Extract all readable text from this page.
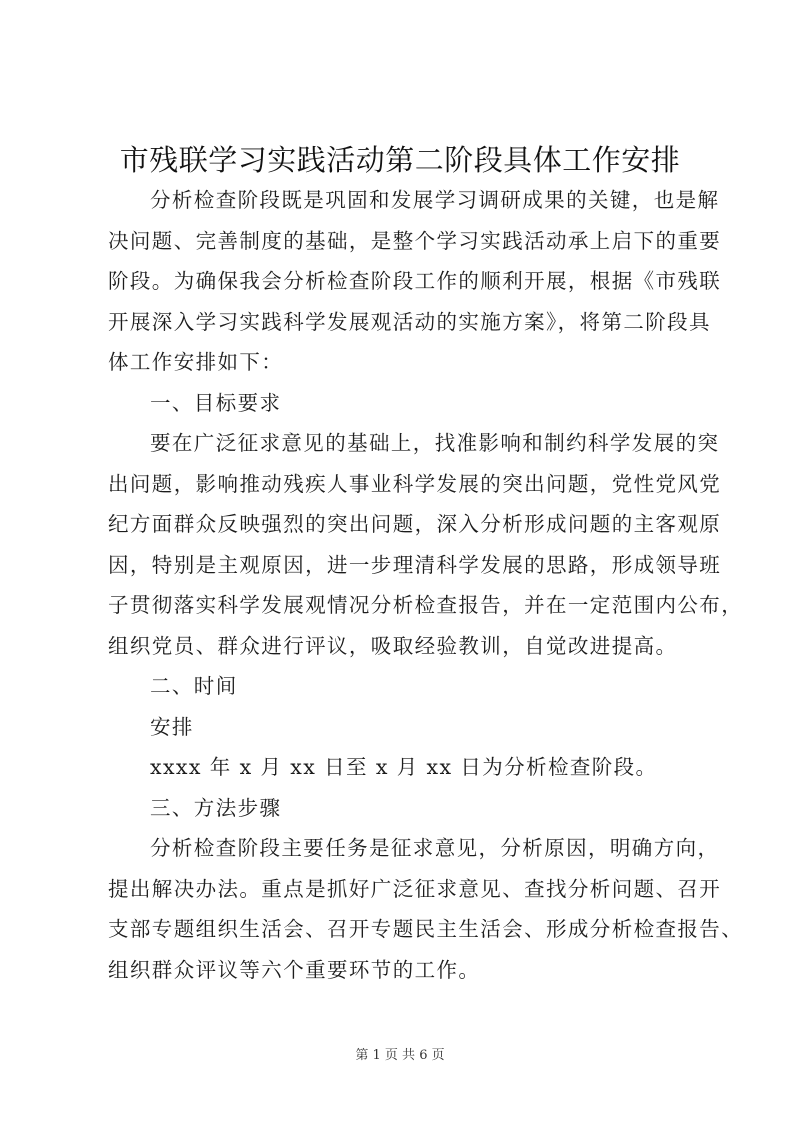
市残联学习实践活动第二阶段具体工作安排
分析检查阶段既是巩固和发展学习调研成果的关键，也是解
决问题、完善制度的基础，是整个学习实践活动承上启下的重要
阶段。为确保我会分析检查阶段工作的顺利开展，根据《市残联
开展深入学习实践科学发展观活动的实施方案》，将第二阶段具
体工作安排如下：
一、目标要求
要在广泛征求意见的基础上，找准影响和制约科学发展的突
出问题，影响推动残疾人事业科学发展的突出问题，党性党风党
纪方面群众反映强烈的突出问题，深入分析形成问题的主客观原
因，特别是主观原因，进一步理清科学发展的思路，形成领导班
子贯彻落实科学发展观情况分析检查报告，并在一定范围内公布，
组织党员、群众进行评议，吸取经验教训，自觉改进提高。
二、时间
安排
xxxx 年 x 月 xx 日至 x 月 xx 日为分析检查阶段。
三、方法步骤
分析检查阶段主要任务是征求意见，分析原因，明确方向，
提出解决办法。重点是抓好广泛征求意见、查找分析问题、召开
支部专题组织生活会、召开专题民主生活会、形成分析检查报告、
组织群众评议等六个重要环节的工作。
第 1 页 共 6 页
